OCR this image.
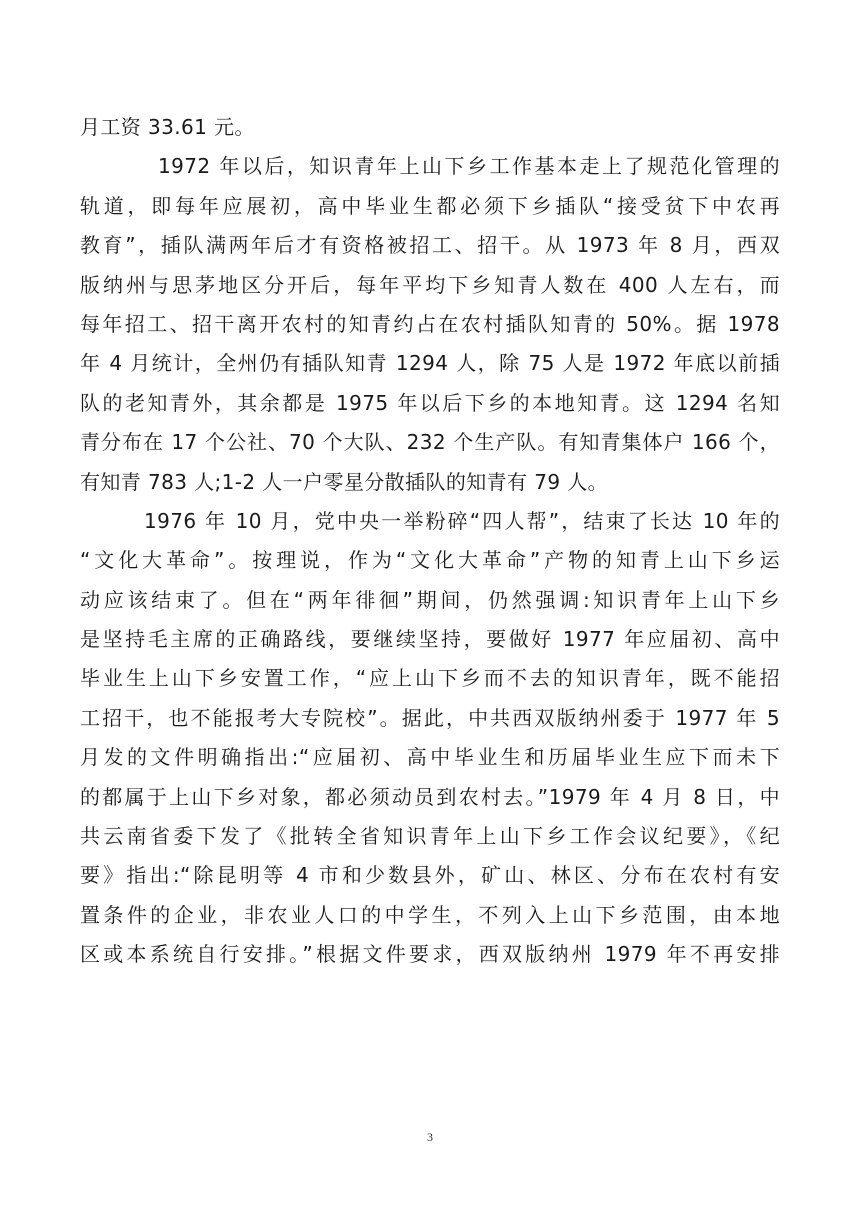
月工资 33.61 元。
1972 年以后，知识青年上山下乡工作基本走上了规范化管理的
轨道，即每年应展初，高中毕业生都必须下乡插队“接受贫下中农再
教育”，插队满两年后才有资格被招工、招干。从 1973 年 8 月，西双
版纳州与思茅地区分开后，每年平均下乡知青人数在 400 人左右，而
每年招工、招干离开农村的知青约占在农村插队知青的 50%。据 1978
年 4 月统计，全州仍有插队知青 1294 人，除 75 人是 1972 年底以前插
队的老知青外，其余都是 1975 年以后下乡的本地知青。这 1294 名知
青分布在 17 个公社、70 个大队、232 个生产队。有知青集体户 166 个，
有知青 783 人;1-2 人一户零星分散插队的知青有 79 人。
1976 年 10 月，党中央一举粉碎“四人帮”，结束了长达 10 年的
“文化大革命”。按理说，作为“文化大革命”产物的知青上山下乡运
动应该结束了。但在“两年徘徊”期间，仍然强调:知识青年上山下乡
是坚持毛主席的正确路线，要继续坚持，要做好 1977 年应届初、高中
毕业生上山下乡安置工作，“应上山下乡而不去的知识青年，既不能招
工招干，也不能报考大专院校”。据此，中共西双版纳州委于 1977 年 5
月发的文件明确指出:“应届初、高中毕业生和历届毕业生应下而未下
的都属于上山下乡对象，都必须动员到农村去。”1979 年 4 月 8 日，中
共云南省委下发了《批转全省知识青年上山下乡工作会议纪要》，《纪
要》指出:“除昆明等 4 市和少数县外，矿山、林区、分布在农村有安
置条件的企业，非农业人口的中学生，不列入上山下乡范围，由本地
区或本系统自行安排。”根据文件要求，西双版纳州 1979 年不再安排
3
